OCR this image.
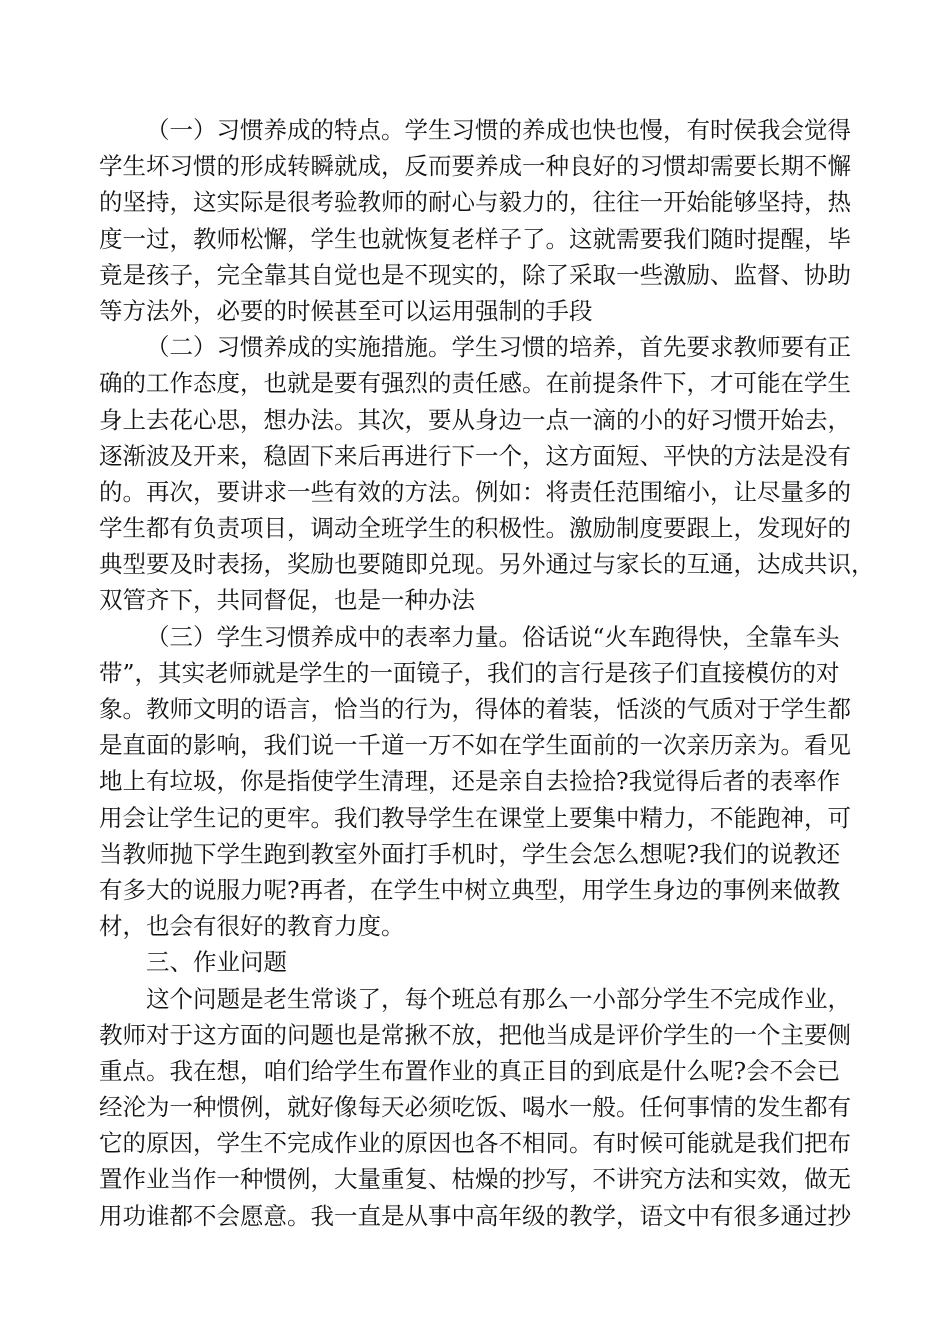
（一）习惯养成的特点。学生习惯的养成也快也慢，有时侯我会觉得
学生坏习惯的形成转瞬就成，反而要养成一种良好的习惯却需要长期不懈
的坚持，这实际是很考验教师的耐心与毅力的，往往一开始能够坚持，热
度一过，教师松懈，学生也就恢复老样子了。这就需要我们随时提醒，毕
竟是孩子，完全靠其自觉也是不现实的，除了采取一些激励、监督、协助
等方法外，必要的时候甚至可以运用强制的手段
（二）习惯养成的实施措施。学生习惯的培养，首先要求教师要有正
确的工作态度，也就是要有强烈的责任感。在前提条件下，才可能在学生
身上去花心思，想办法。其次，要从身边一点一滴的小的好习惯开始去，
逐渐波及开来，稳固下来后再进行下一个，这方面短、平快的方法是没有
的。再次，要讲求一些有效的方法。例如：将责任范围缩小，让尽量多的
学生都有负责项目，调动全班学生的积极性。激励制度要跟上，发现好的
典型要及时表扬，奖励也要随即兑现。另外通过与家长的互通，达成共识，
双管齐下，共同督促，也是一种办法
（三）学生习惯养成中的表率力量。俗话说“火车跑得快，全靠车头
带”，其实老师就是学生的一面镜子，我们的言行是孩子们直接模仿的对
象。教师文明的语言，恰当的行为，得体的着装，恬淡的气质对于学生都
是直面的影响，我们说一千道一万不如在学生面前的一次亲历亲为。看见
地上有垃圾，你是指使学生清理，还是亲自去捡拾?我觉得后者的表率作
用会让学生记的更牢。我们教导学生在课堂上要集中精力，不能跑神，可
当教师抛下学生跑到教室外面打手机时，学生会怎么想呢?我们的说教还
有多大的说服力呢?再者，在学生中树立典型，用学生身边的事例来做教
材，也会有很好的教育力度。
三、作业问题
这个问题是老生常谈了，每个班总有那么一小部分学生不完成作业，
教师对于这方面的问题也是常揪不放，把他当成是评价学生的一个主要侧
重点。我在想，咱们给学生布置作业的真正目的到底是什么呢?会不会已
经沦为一种惯例，就好像每天必须吃饭、喝水一般。任何事情的发生都有
它的原因，学生不完成作业的原因也各不相同。有时候可能就是我们把布
置作业当作一种惯例，大量重复、枯燥的抄写，不讲究方法和实效，做无
用功谁都不会愿意。我一直是从事中高年级的教学，语文中有很多通过抄
